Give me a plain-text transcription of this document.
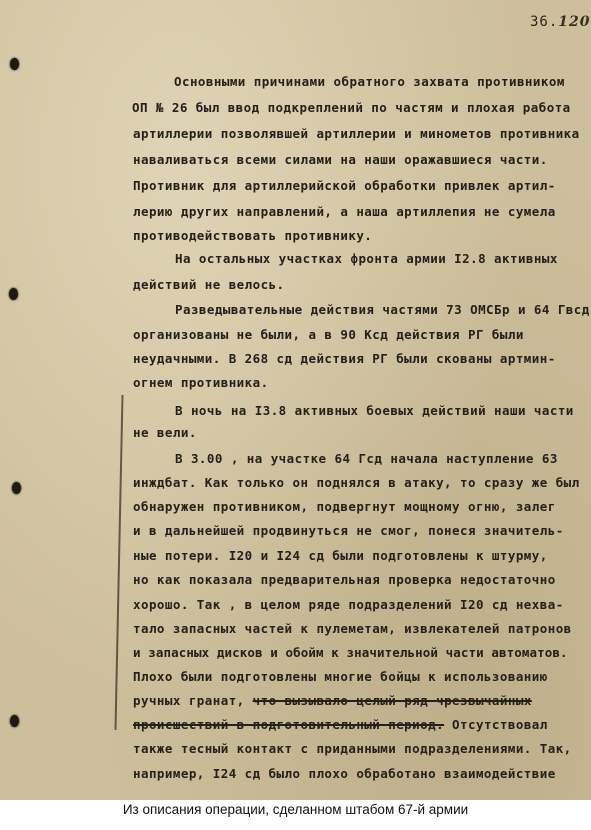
36.120
Основными причинами обратного захвата противником
ОП № 26 был ввод подкреплений по частям и плохая работа
артиллерии позволявшей артиллерии и минометов противника
наваливаться всеми силами на наши оражавшиеся части.
Противник для артиллерийской обработки привлек артил-
лерию других направлений, а наша артиллепия не сумела
противодействовать противнику.
На остальных участках фронта армии I2.8 активных
действий не велось.
Разведывательные действия частями 73 ОМСБр и 64 Гвсд
организованы не были, а в 90 Ксд действия РГ были
неудачными. В 268 сд действия РГ были скованы артмин-
огнем противника.
В ночь на I3.8 активных боевых действий наши части
не вели.
В 3.00 , на участке 64 Гсд начала наступление 63
инждбат. Как только он поднялся в атаку, то сразу же был
обнаружен противником, подвергнут мощному огню, залег
и в дальнейшей продвинуться не смог, понеся значитель-
ные потери. I20 и I24 сд были подготовлены к штурму,
но как показала предварительная проверка недостаточно
хорошо. Так , в целом ряде подразделений I20 сд нехва-
тало запасных частей к пулеметам, извлекателей патронов
и запасных дисков и обойм к значительной части автоматов.
Плохо были подготовлены многие бойцы к использованию
ручных гранат, что вызывало целый ряд чрезвычайных
происшествий в подготовительный период. Отсутствовал
также тесный контакт с приданными подразделениями. Так,
например, I24 сд было плохо обработано взаимодействие
Из описания операции, сделанном штабом 67-й армии
